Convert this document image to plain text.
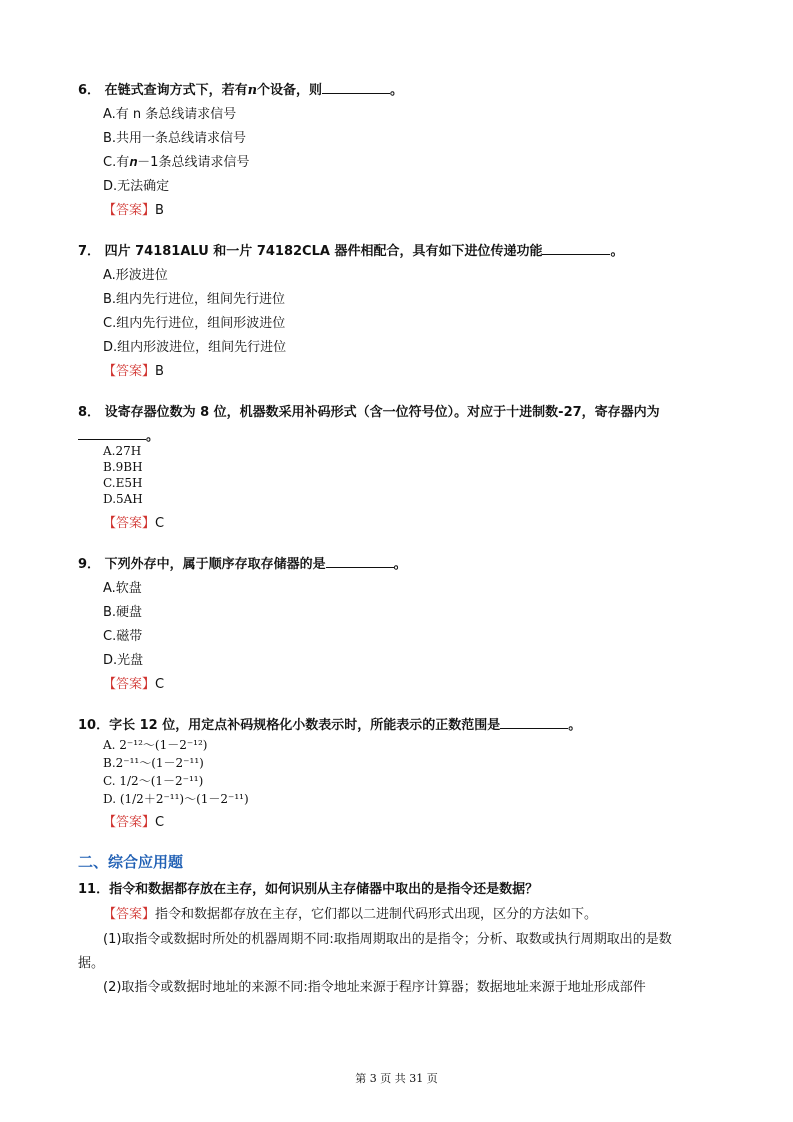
6． 在链式查询方式下，若有n个设备，则	。
A.有 n 条总线请求信号
B.共用一条总线请求信号
C.有𝒏－1条总线请求信号
D.无法确定
【答案】B
7． 四片 74181ALU 和一片 74182CLA 器件相配合，具有如下进位传递功能	。
A.形波进位
B.组内先行进位，组间先行进位
C.组内先行进位，组间形波进位
D.组内形波进位，组间先行进位
【答案】B
8． 设寄存器位数为 8 位，机器数采用补码形式（含一位符号位）。对应于十进制数-27，寄存器内为
。
A.27H
B.9BH
C.E5H
D.5AH
【答案】C
9． 下列外存中，属于顺序存取存储器的是	。
A.软盘
B.硬盘
C.磁带
D.光盘
【答案】C
10．字长 12 位，用定点补码规格化小数表示时，所能表示的正数范围是	。
A. 2⁻¹²～(1－2⁻¹²)
B.2⁻¹¹～(1－2⁻¹¹)
C. 1/2～(1－2⁻¹¹)
D. (1/2＋2⁻¹¹)～(1－2⁻¹¹)
【答案】C
二、综合应用题
11．指令和数据都存放在主存，如何识别从主存储器中取出的是指令还是数据？
【答案】指令和数据都存放在主存，它们都以二进制代码形式出现，区分的方法如下。
(1)取指令或数据时所处的机器周期不同:取指周期取出的是指令；分析、取数或执行周期取出的是数
据。
(2)取指令或数据时地址的来源不同:指令地址来源于程序计算器；数据地址来源于地址形成部件
第 3 页 共 31 页
